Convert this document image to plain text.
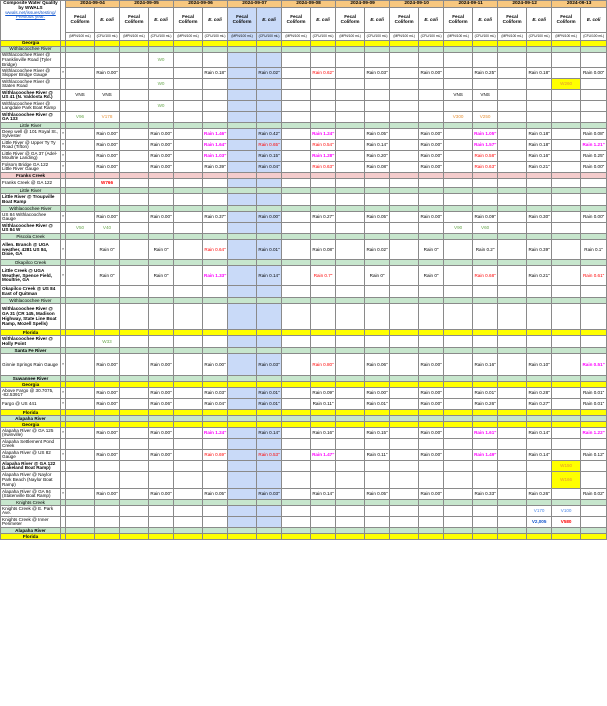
Composite Water Quality
by WWALS
wwals.net/issues/testing/
Previous year:		2024-09-04		2024-09-05		2024-09-06		2024-09-07		2024-09-08		2024-09-09		2024-09-10		2024-09-11		2024-09-12		2024-09-13	
		Fecal Coliform	E. coli	Fecal Coliform	E. coli	Fecal Coliform	E. coli	Fecal Coliform	E. coli	Fecal Coliform	E. coli	Fecal Coliform	E. coli	Fecal Coliform	E. coli	Fecal Coliform	E. coli	Fecal Coliform	E. coli	Fecal Coliform	E. coli
		(MPN/100 mL)	(CFU/100 mL)	(MPN/100 mL)	(CFU/100 mL)	(MPN/100 mL)	(CFU/100 mL)	(MPN/100 mL)	(CFU/100 mL)	(MPN/100 mL)	(CFU/100 mL)	(MPN/100 mL)	(CFU/100 mL)	(MPN/100 mL)	(CFU/100 mL)	(MPN/100 mL)	(CFU/100 mL)	(MPN/100 mL)	(CFU/100 mL)	(MPN/100 mL)	(CFU/100 mL)
Georgia																					
Withlacoochee River																					
Withlacoochee River @ Franklinville Road (Tyler Bridge)					W0																
Withlacoochee River @ Skipper Bridge Gauge	*		Rain 0.00"				Rain 0.18"		Rain 0.02"		Rain 0.62"		Rain 0.03"		Rain 0.00"		Rain 0.25"		Rain 0.18"		Rain 0.00"
Withlacoochee River @ Staten Road					W0															W260	
Withlacoochee River @ US 41 (N. Valdosta Rd.)		VNS	VNS													VNS	VNS				
Withlacoochee River @ Langdale Park Boat Ramp					W0																
Withlacoochee River @ GA 133		V96	V178													V300	V250				
Little River																					
Deep well @ 101 Royal St., Sylvester	*		Rain 0.00"		Rain 0.00"		Rain 1.46"		Rain 0.42"		Rain 1.24"		Rain 0.05"		Rain 0.00"		Rain 1.05"		Rain 0.18"		Rain 0.08"
Little River @ Upper Ty Ty Road (Tifton)	*		Rain 0.00"		Rain 0.00"		Rain 1.64"		Rain 0.65"		Rain 0.54"		Rain 0.14"		Rain 0.00"		Rain 1.57"		Rain 0.18"		Rain 1.21"
Little River @ GA 37 (Adel-Moultrie Landing)	*		Rain 0.00"		Rain 0.00"		Rain 1.03"		Rain 0.15"		Rain 1.28"		Rain 0.20"		Rain 0.00"		Rain 0.58"		Rain 0.16"		Rain 0.25"
Folsom Bridge GA 122 Little River Gauge	*		Rain 0.00"		Rain 0.00"		Rain 0.39"		Rain 0.04"		Rain 0.63"		Rain 0.08"		Rain 0.00"		Rain 0.63"		Rain 0.21"		Rain 0.00"
Franks Creek																					
Franks Creek @ GA 122			W766																		
Little River																					
Little River @ Troupville Boat Ramp																					
Withlacoochee River																					
US 84 Withlacoochee Gauge	*		Rain 0.00"		Rain 0.00"		Rain 0.37"		Rain 0.00"		Rain 0.27"		Rain 0.05"		Rain 0.00"		Rain 0.09"		Rain 0.30"		Rain 0.00"
Withlacoochee River @ US 84 W		V50	V40													V90	V60				
Piscola Creek																					
Allen. Branch @ UGA weather, 4281 US 84, Dixie, GA	*		Rain 0"		Rain 0"		Rain 0.64"		Rain 0.01"		Rain 0.08"		Rain 0.02"		Rain 0"		Rain 0.2"		Rain 0.39"		Rain 0.1"
Okapilco Creek																					
Little Creek @ UGA Weather, Spence Field, Moultrie, GA	*		Rain 0"		Rain 0"		Rain 1.33"		Rain 0.14"		Rain 0.7"		Rain 0"		Rain 0"		Rain 0.68"		Rain 0.21"		Rain 0.61"
Okapilco Creek @ US 84 East of Quitman																					
Withlacoochee River																					
Withlacoochee River @ GA 31 (CR 145, Madison Highway, State Line Boat Ramp, Mozell Spells)																					
Florida																					
Withlacoochee River @ Holly Point			W33																		
Santa Fe River																					
Ginnie Springs Rain Gauge	*		Rain 0.00"		Rain 0.00"		Rain 0.00"		Rain 0.03"		Rain 0.80"		Rain 0.06"		Rain 0.00"		Rain 0.16"		Rain 0.10"		Rain 0.51"
Suwannee River																					
Georgia																					
Above Fargo @ 30.7075, -82.53917	*		Rain 0.00"		Rain 0.00"		Rain 0.03"		Rain 0.01"		Rain 0.09"		Rain 0.00"		Rain 0.00"		Rain 0.01"		Rain 0.28"		Rain 0.01"
Fargo @ US 441	*		Rain 0.00"		Rain 0.06"		Rain 0.04"		Rain 0.01"		Rain 0.11"		Rain 0.01"		Rain 0.00"		Rain 0.26"		Rain 0.27"		Rain 0.01"
Florida																					
Alapaha River																					
Georgia																					
Alapaha River @ GA 125 (Irwinville)	*		Rain 0.00"		Rain 0.00"		Rain 1.24"		Rain 0.14"		Rain 0.16"		Rain 0.15"		Rain 0.00"		Rain 1.61"		Rain 0.14"		Rain 1.22"
Alapaha Settlement Pond Creek																					
Alapaha River @ US 82 Gauge	*		Rain 0.00"		Rain 0.00"		Rain 0.69"		Rain 0.53"		Rain 1.47"		Rain 0.11"		Rain 0.00"		Rain 1.49"		Rain 0.14"		Rain 0.12"
Alapaha River @ GA 122 (Lakeland Boat Ramp)																				W150	
Alapaha River @ Naylor Park Beach (Naylor Boat Ramp)																				W166	
Alapaha River @ GA 94 (Statenville Boat Ramp)	*		Rain 0.00"		Rain 0.00"		Rain 0.05"		Rain 0.03"		Rain 0.14"		Rain 0.05"		Rain 0.00"		Rain 0.33"		Rain 0.26"		Rain 0.02"
Knights Creek																					
Knights Creek @ E. Park Ave.																			V170	V100	
Knights Creek @ Inner Perimeter																			V2,005	V580	
Alapaha River																					
Florida																					
